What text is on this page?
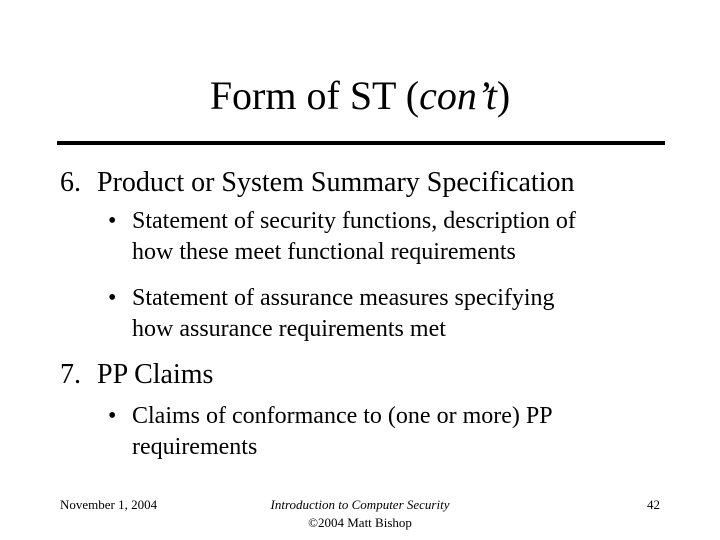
Form of ST (con’t)
6. Product or System Summary Specification
• Statement of security functions, description of
how these meet functional requirements
• Statement of assurance measures specifying
how assurance requirements met
7. PP Claims
• Claims of conformance to (one or more) PP
requirements
November 1, 2004	Introduction to Computer Security
©2004 Matt Bishop
42
